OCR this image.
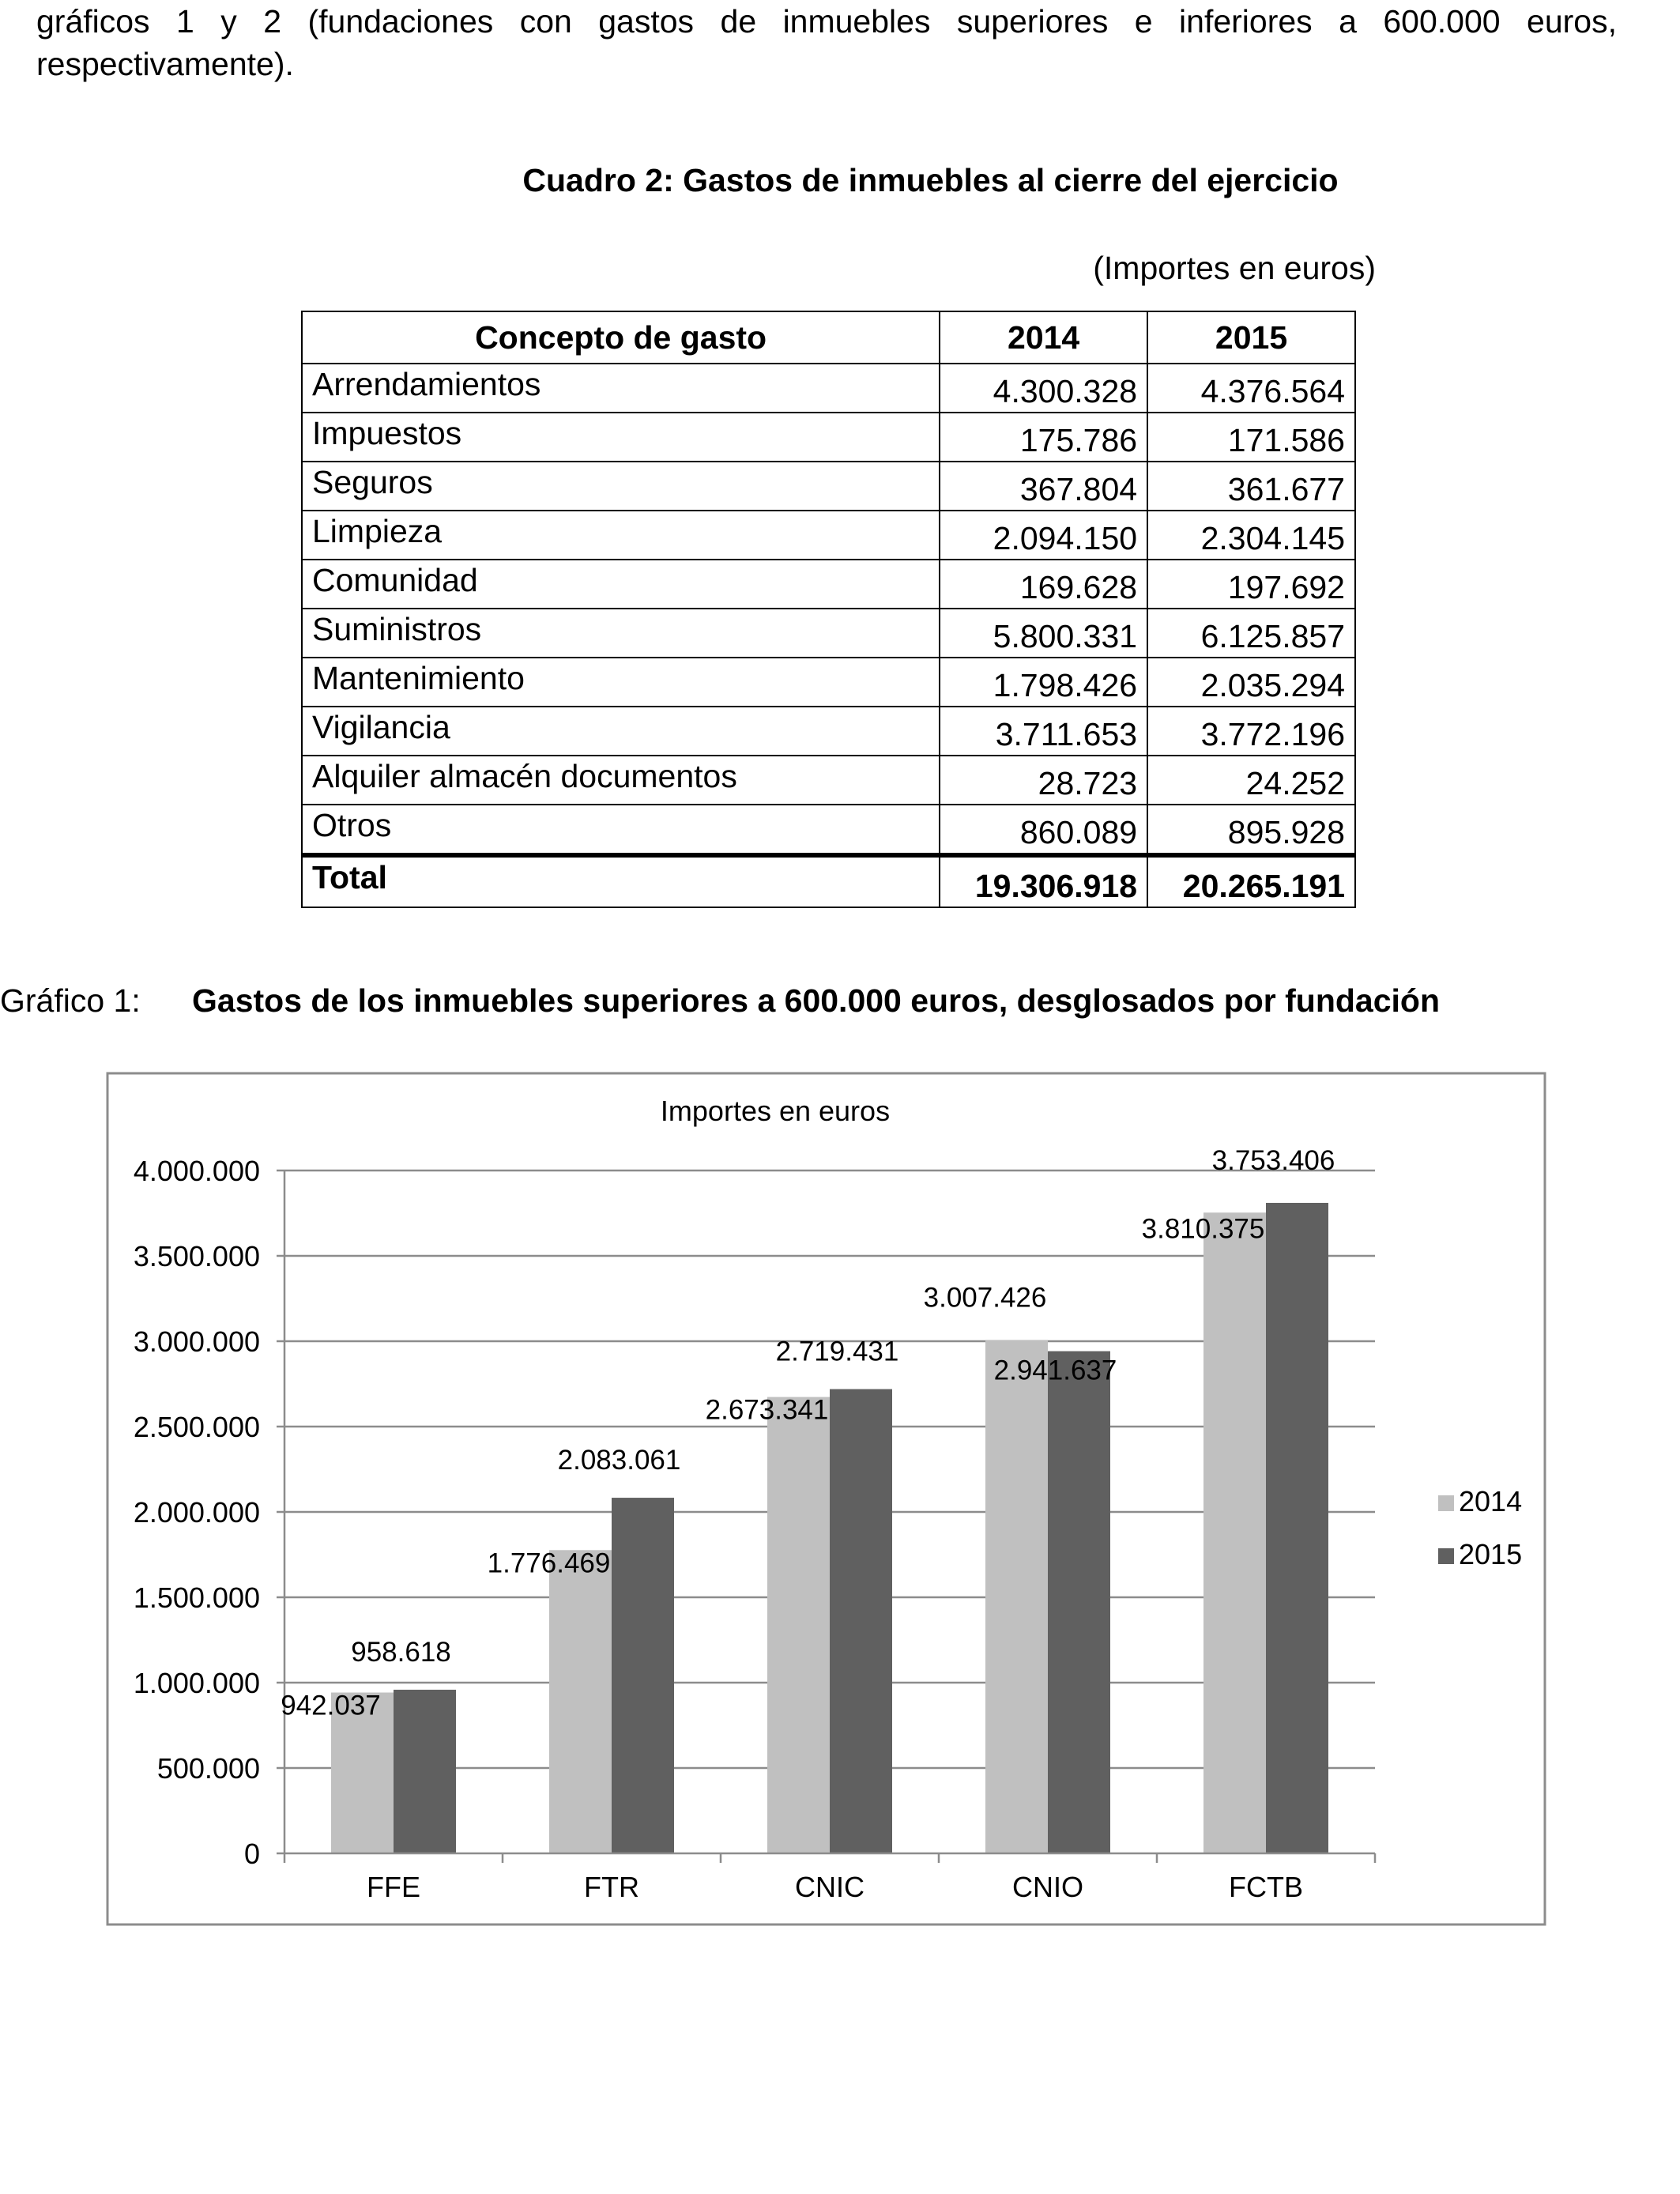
gráficos 1 y 2 (fundaciones con gastos de inmuebles superiores e inferiores a 600.000 euros,
respectivamente).
Cuadro 2: Gastos de inmuebles al cierre del ejercicio
(Importes en euros)
Concepto de gasto	2014	2015
Arrendamientos	4.300.328	4.376.564
Impuestos	175.786	171.586
Seguros	367.804	361.677
Limpieza	2.094.150	2.304.145
Comunidad	169.628	197.692
Suministros	5.800.331	6.125.857
Mantenimiento	1.798.426	2.035.294
Vigilancia	3.711.653	3.772.196
Alquiler almacén documentos	28.723	24.252
Otros	860.089	895.928
Total	19.306.918	20.265.191
Gráfico 1: Gastos de los inmuebles superiores a 600.000 euros, desglosados por fundación
Importes en euros
0
500.000
1.000.000
1.500.000
2.000.000
2.500.000
3.000.000
3.500.000
4.000.000
942.037
958.618
1.776.469
2.083.061
2.673.341
2.719.431
3.007.426
2.941.637
3.810.375
3.753.406
FFE	FTR	CNIC	CNIO	FCTB
2014
2015
